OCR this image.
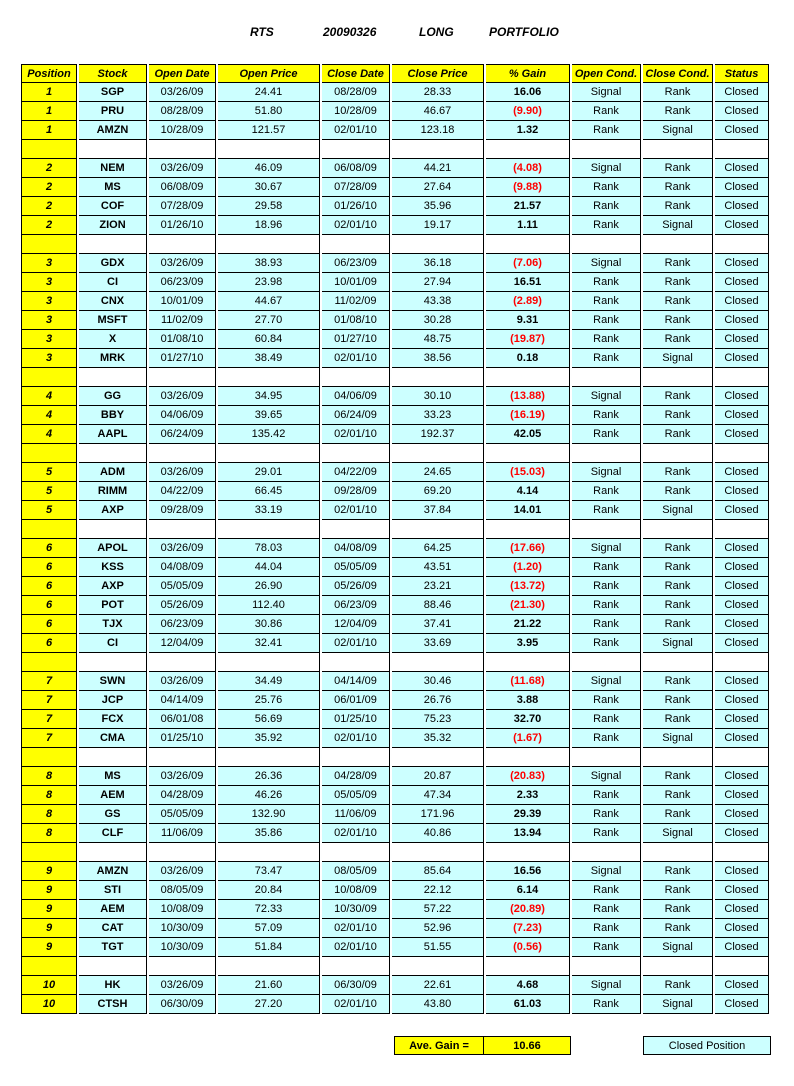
RTS	20090326	LONG	PORTFOLIO
Position		Stock		Open Date		Open Price		Close Date		Close Price		% Gain		Open Cond.		Close Cond.		Status
1		SGP		03/26/09		24.41		08/28/09		28.33		16.06		Signal		Rank		Closed
1		PRU		08/28/09		51.80		10/28/09		46.67		(9.90)		Rank		Rank		Closed
1		AMZN		10/28/09		121.57		02/01/10		123.18		1.32		Rank		Signal		Closed

2		NEM		03/26/09		46.09		06/08/09		44.21		(4.08)		Signal		Rank		Closed
2		MS		06/08/09		30.67		07/28/09		27.64		(9.88)		Rank		Rank		Closed
2		COF		07/28/09		29.58		01/26/10		35.96		21.57		Rank		Rank		Closed
2		ZION		01/26/10		18.96		02/01/10		19.17		1.11		Rank		Signal		Closed

3		GDX		03/26/09		38.93		06/23/09		36.18		(7.06)		Signal		Rank		Closed
3		CI		06/23/09		23.98		10/01/09		27.94		16.51		Rank		Rank		Closed
3		CNX		10/01/09		44.67		11/02/09		43.38		(2.89)		Rank		Rank		Closed
3		MSFT		11/02/09		27.70		01/08/10		30.28		9.31		Rank		Rank		Closed
3		X		01/08/10		60.84		01/27/10		48.75		(19.87)		Rank		Rank		Closed
3		MRK		01/27/10		38.49		02/01/10		38.56		0.18		Rank		Signal		Closed

4		GG		03/26/09		34.95		04/06/09		30.10		(13.88)		Signal		Rank		Closed
4		BBY		04/06/09		39.65		06/24/09		33.23		(16.19)		Rank		Rank		Closed
4		AAPL		06/24/09		135.42		02/01/10		192.37		42.05		Rank		Rank		Closed

5		ADM		03/26/09		29.01		04/22/09		24.65		(15.03)		Signal		Rank		Closed
5		RIMM		04/22/09		66.45		09/28/09		69.20		4.14		Rank		Rank		Closed
5		AXP		09/28/09		33.19		02/01/10		37.84		14.01		Rank		Signal		Closed

6		APOL		03/26/09		78.03		04/08/09		64.25		(17.66)		Signal		Rank		Closed
6		KSS		04/08/09		44.04		05/05/09		43.51		(1.20)		Rank		Rank		Closed
6		AXP		05/05/09		26.90		05/26/09		23.21		(13.72)		Rank		Rank		Closed
6		POT		05/26/09		112.40		06/23/09		88.46		(21.30)		Rank		Rank		Closed
6		TJX		06/23/09		30.86		12/04/09		37.41		21.22		Rank		Rank		Closed
6		CI		12/04/09		32.41		02/01/10		33.69		3.95		Rank		Signal		Closed

7		SWN		03/26/09		34.49		04/14/09		30.46		(11.68)		Signal		Rank		Closed
7		JCP		04/14/09		25.76		06/01/09		26.76		3.88		Rank		Rank		Closed
7		FCX		06/01/08		56.69		01/25/10		75.23		32.70		Rank		Rank		Closed
7		CMA		01/25/10		35.92		02/01/10		35.32		(1.67)		Rank		Signal		Closed

8		MS		03/26/09		26.36		04/28/09		20.87		(20.83)		Signal		Rank		Closed
8		AEM		04/28/09		46.26		05/05/09		47.34		2.33		Rank		Rank		Closed
8		GS		05/05/09		132.90		11/06/09		171.96		29.39		Rank		Rank		Closed
8		CLF		11/06/09		35.86		02/01/10		40.86		13.94		Rank		Signal		Closed

9		AMZN		03/26/09		73.47		08/05/09		85.64		16.56		Signal		Rank		Closed
9		STI		08/05/09		20.84		10/08/09		22.12		6.14		Rank		Rank		Closed
9		AEM		10/08/09		72.33		10/30/09		57.22		(20.89)		Rank		Rank		Closed
9		CAT		10/30/09		57.09		02/01/10		52.96		(7.23)		Rank		Rank		Closed
9		TGT		10/30/09		51.84		02/01/10		51.55		(0.56)		Rank		Signal		Closed

10		HK		03/26/09		21.60		06/30/09		22.61		4.68		Signal		Rank		Closed
10		CTSH		06/30/09		27.20		02/01/10		43.80		61.03		Rank		Signal		Closed
Ave. Gain =	10.66	Closed Position
